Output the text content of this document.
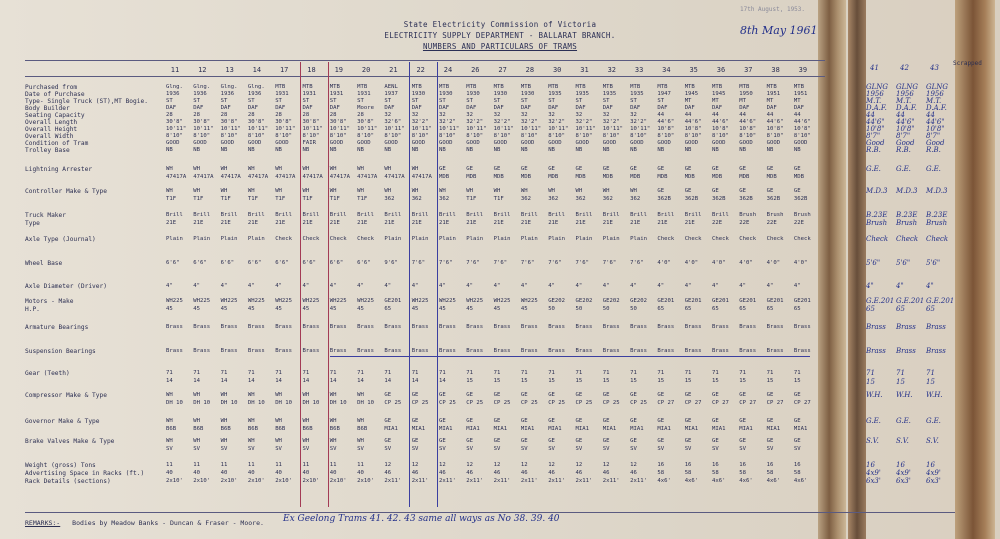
17th August, 1953.
State Electricity Commission of Victoria
ELECTRICITY SUPPLY DEPARTMENT - BALLARAT BRANCH.
NUMBERS AND PARTICULARS OF TRAMS
8th May 1961
Scrapped
Purchased from
Date of Purchase
Type- Single Truck (ST),MT Bogie.
Body Builder
Seating Capacity
Overall Length
Overall Height
Overall Width
Condition of Tram
Trolley Base
Lightning Arrester
Controller Make & Type
Truck Maker
Type
Axle Type (Journal)
Wheel Base
Axle Diameter (Driver)
Motors - Make
H.P.
Armature Bearings
Suspension Bearings
Gear (Teeth)
Compressor Make & Type
Governor Make & Type
Brake Valves Make & Type
Weight (gross) Tons
Advertising Space in Racks (ft.)
Rack Details (sections)
11
Glng.
1936
ST
DAF
28
30'8"
10'11"
8'10"
GOOD
NB
WH
WH
Brill
21E
Plain
6'6"
4"
WH225
45
Brass
Brass
71
WH
WH
WH
11
40
2x10'
47417A
T1F
14
DH 10
B6B
SV
12
Glng.
1936
ST
DAF
28
30'8"
10'11"
8'10"
GOOD
NB
WH
WH
Brill
21E
Plain
6'6"
4"
WH225
45
Brass
Brass
71
WH
WH
WH
11
40
2x10'
47417A
T1F
14
DH 10
B6B
SV
13
Glng.
1936
ST
DAF
28
30'8"
10'11"
8'10"
GOOD
NB
WH
WH
Brill
21E
Plain
6'6"
4"
WH225
45
Brass
Brass
71
WH
WH
WH
11
40
2x10'
47417A
T1F
14
DH 10
B6B
SV
14
Glng.
1936
ST
DAF
28
30'8"
10'11"
8'10"
GOOD
NB
WH
WH
Brill
21E
Plain
6'6"
4"
WH225
45
Brass
Brass
71
WH
WH
WH
11
40
2x10'
47417A
T1F
14
DH 10
B6B
SV
17
MTB
1931
ST
DAF
28
30'8"
10'11"
8'10"
GOOD
NB
WH
WH
Brill
21E
Check
6'6"
4"
WH225
45
Brass
Brass
71
WH
WH
WH
11
40
2x10'
47417A
T1F
14
DH 10
B6B
SV
18
MTB
1931
ST
DAF
28
30'8"
10'11"
8'10"
FAIR
NB
WH
WH
Brill
21E
Check
6'6"
4"
WH225
45
Brass
Brass
71
WH
WH
WH
11
40
2x10'
47417A
T1F
14
DH 10
B6B
SV
19
MTB
1931
ST
DAF
28
30'8"
10'11"
8'10"
GOOD
NB
WH
WH
Brill
21E
Check
6'6"
4"
WH225
45
Brass
Brass
71
WH
WH
WH
11
40
2x10'
47417A
T1F
14
DH 10
B6B
SV
20
MTB
1931
ST
Moore
28
30'8"
10'11"
8'10"
GOOD
NB
WH
WH
Brill
21E
Check
6'6"
4"
WH225
45
Brass
Brass
71
WH
WH
WH
11
40
2x10'
47417A
T1F
14
DH 10
B6B
SV
21
AENL
1937
ST
DAF
32
32'6"
10'11"
8'10"
GOOD
NB
WH
WH
Brill
21E
Plain
9'6"
4"
GE201
65
Brass
Brass
71
GE
GE
GE
12
46
2x11'
47417A
362
14
CP 25
MIA1
SV
22
MTB
1930
ST
DAF
32
32'2"
10'11"
8'10"
GOOD
NB
WH
WH
Brill
21E
Plain
7'6"
4"
WH225
45
Brass
Brass
71
GE
GE
GE
12
46
2x11'
47417A
362
14
CP 25
MIA1
SV
24
MTB
1930
ST
DAF
32
32'2"
10'11"
8'10"
GOOD
NB
GE
WH
Brill
21E
Plain
7'6"
4"
WH225
45
Brass
Brass
71
GE
GE
GE
12
46
2x11'
MDB
362
14
CP 25
MIA1
SV
26
MTB
1930
ST
DAF
32
32'2"
10'11"
8'10"
GOOD
NB
GE
WH
Brill
21E
Plain
7'6"
4"
WH225
45
Brass
Brass
71
GE
GE
GE
12
46
2x11'
MDB
T1F
15
CP 25
MIA1
SV
27
MTB
1930
ST
DAF
32
32'2"
10'11"
8'10"
GOOD
NB
GE
WH
Brill
21E
Plain
7'6"
4"
WH225
45
Brass
Brass
71
GE
GE
GE
12
46
2x11'
MDB
T1F
15
CP 25
MIA1
SV
28
MTB
1930
ST
DAF
32
32'2"
10'11"
8'10"
GOOD
NB
GE
WH
Brill
21E
Plain
7'6"
4"
WH225
45
Brass
Brass
71
GE
GE
GE
12
46
2x11'
MDB
362
15
CP 25
MIA1
SV
30
MTB
1935
ST
DAF
32
32'2"
10'11"
8'10"
GOOD
NB
GE
WH
Brill
21E
Plain
7'6"
4"
GE202
50
Brass
Brass
71
GE
GE
GE
12
46
2x11'
MDB
362
15
CP 25
MIA1
SV
31
MTB
1935
ST
DAF
32
32'2"
10'11"
8'10"
GOOD
NB
GE
WH
Brill
21E
Plain
7'6"
4"
GE202
50
Brass
Brass
71
GE
GE
GE
12
46
2x11'
MDB
362
15
CP 25
MIA1
SV
32
MTB
1935
ST
DAF
32
32'2"
10'11"
8'10"
GOOD
NB
GE
WH
Brill
21E
Plain
7'6"
4"
GE202
50
Brass
Brass
71
GE
GE
GE
12
46
2x11'
MDB
362
15
CP 25
MIA1
SV
33
MTB
1935
ST
DAF
32
32'2"
10'11"
8'10"
GOOD
NB
GE
WH
Brill
21E
Plain
7'6"
4"
GE202
50
Brass
Brass
71
GE
GE
GE
12
46
2x11'
MDB
362
15
CP 25
MIA1
SV
34
MTB
1947
ST
DAF
44
44'6"
10'8"
8'10"
GOOD
NB
GE
GE
Brill
21E
Check
4'0"
4"
GE201
65
Brass
Brass
71
GE
GE
GE
16
58
4x6'
MDB
362B
15
CP 27
MIA1
SV
35
MTB
1945
MT
DAF
44
44'6"
10'8"
8'10"
GOOD
NB
GE
GE
Brill
21E
Check
4'0"
4"
GE201
65
Brass
Brass
71
GE
GE
GE
16
58
4x6'
MDB
362B
15
CP 27
MIA1
SV
36
MTB
1945
MT
DAF
44
44'6"
10'8"
8'10"
GOOD
NB
GE
GE
Brill
22E
Check
4'0"
4"
GE201
65
Brass
Brass
71
GE
GE
GE
16
58
4x6'
MDB
362B
15
CP 27
MIA1
SV
37
MTB
1950
MT
DAF
44
44'6"
10'8"
8'10"
GOOD
NB
GE
GE
Brush
22E
Check
4'0"
4"
GE201
65
Brass
Brass
71
GE
GE
GE
16
58
4x6'
MDB
362B
15
CP 27
MIA1
SV
38
MTB
1951
MT
DAF
44
44'6"
10'8"
8'10"
GOOD
NB
GE
GE
Brush
22E
Check
4'0"
4"
GE201
65
Brass
Brass
71
GE
GE
GE
16
58
4x6'
MDB
362B
15
CP 27
MIA1
SV
39
MTB
1951
MT
DAF
44
44'6"
10'8"
8'10"
GOOD
NB
GE
GE
Brush
22E
Check
4'0"
4"
GE201
65
Brass
Brass
71
GE
GE
GE
16
58
4x6'
MDB
362B
15
CP 27
MIA1
SV
41
GLNG
1956
M.T.
D.A.F.
44
44'6"
10'8"
8'7"
Good
R.B.
G.E.
M.D.3
B.23E
Brush
Check
5'6"
4"
G.E.201
65
Brass
Brass
71
W.H.
G.E.
S.V.
16
4x9'
6x3'
15
42
GLNG
1956
M.T.
D.A.F.
44
44'6"
10'8"
8'7"
Good
R.B.
G.E.
M.D.3
B.23E
Brush
Check
5'6"
4"
G.E.201
65
Brass
Brass
71
W.H.
G.E.
S.V.
16
4x9'
6x3'
15
43
GLNG
1956
M.T.
D.A.F.
44
44'6"
10'8"
8'7"
Good
R.B.
G.E.
M.D.3
B.23E
Brush
Check
5'6"
4"
G.E.201
65
Brass
Brass
71
W.H.
G.E.
S.V.
16
4x9'
6x3'
15
REMARKS:- Bodies by Meadow Banks - Duncan & Fraser - Moore. Ex Geelong Trams 41. 42. 43 same all ways as No 38. 39. 40
